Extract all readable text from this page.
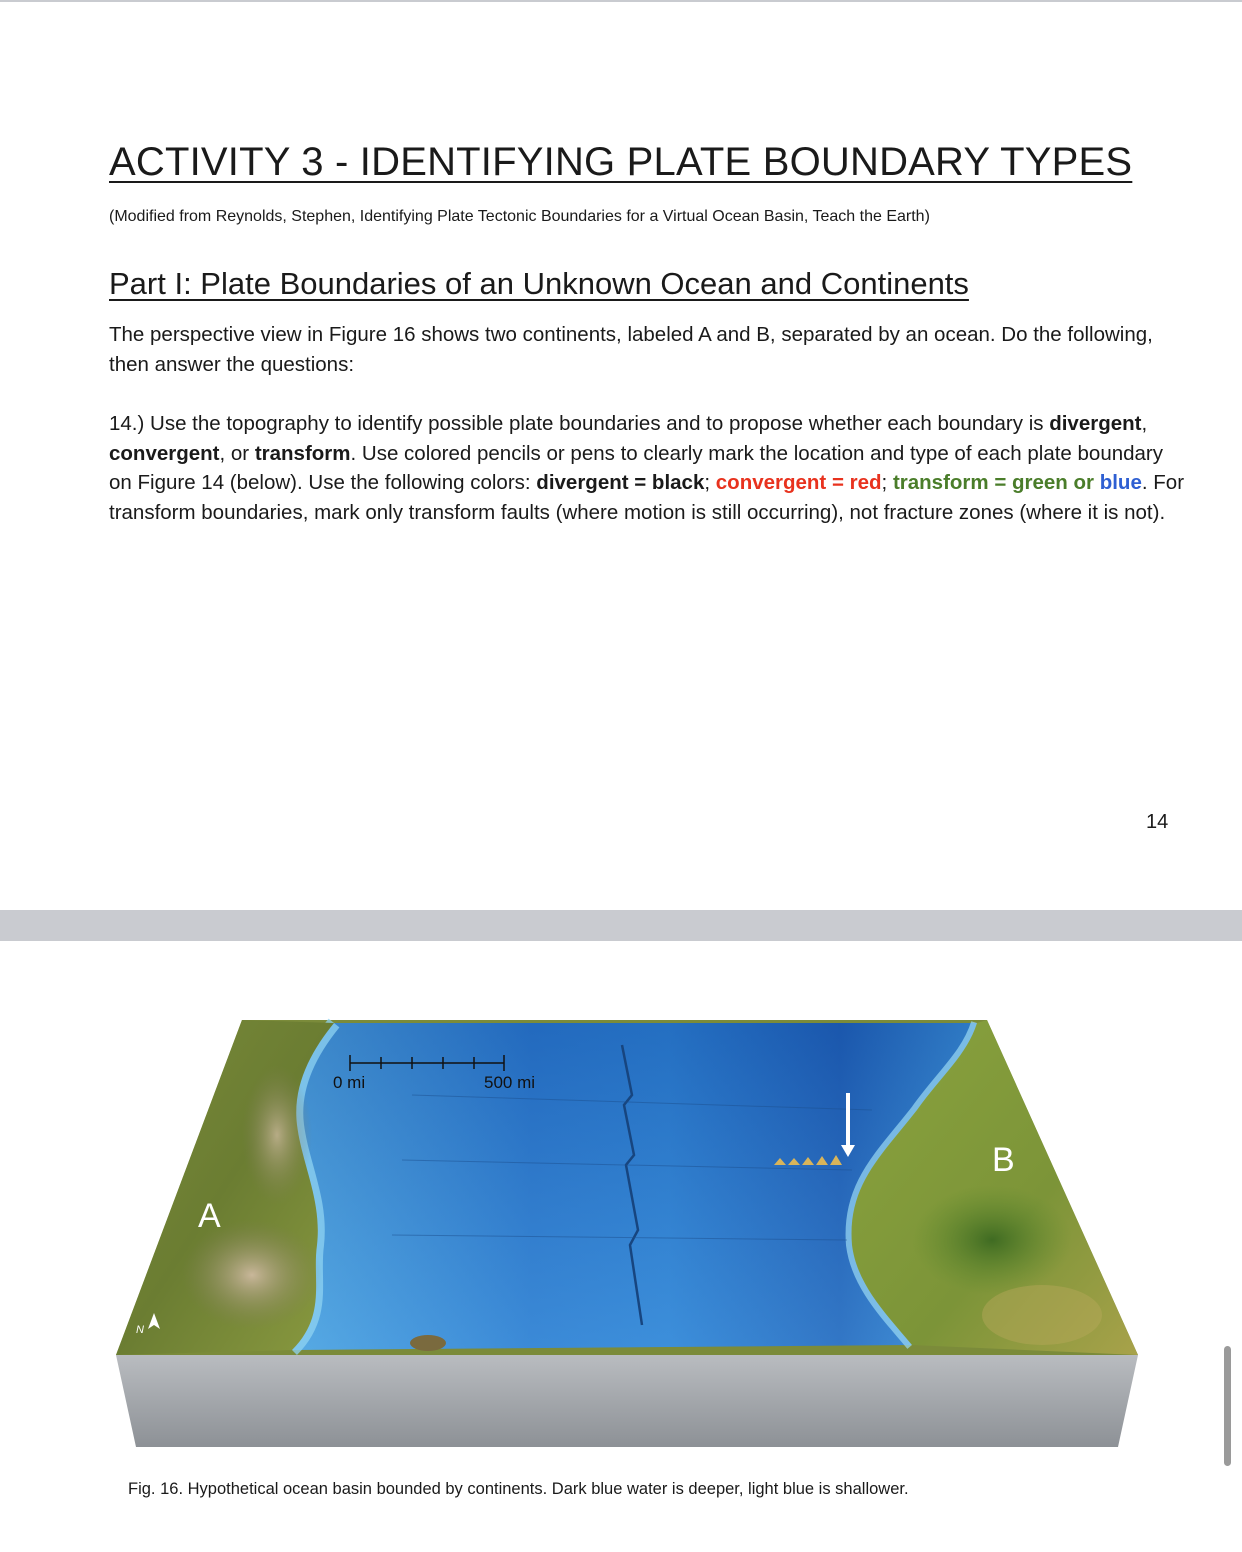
ACTIVITY 3 - IDENTIFYING PLATE BOUNDARY TYPES
(Modified from Reynolds, Stephen, Identifying Plate Tectonic Boundaries for a Virtual Ocean Basin, Teach the Earth)
Part I: Plate Boundaries of an Unknown Ocean and Continents

The perspective view in Figure 16 shows two continents, labeled A and B, separated by an ocean. Do the following, then answer the questions:

14.) Use the topography to identify possible plate boundaries and to propose whether each boundary is divergent, convergent, or transform. Use colored pencils or pens to clearly mark the location and type of each plate boundary on Figure 14 (below). Use the following colors: divergent = black; convergent = red; transform = green or blue. For transform boundaries, mark only transform faults (where motion is still occurring), not fracture zones (where it is not).

14
0 mi	500 mi
A
B
N
Fig. 16. Hypothetical ocean basin bounded by continents. Dark blue water is deeper, light blue is shallower.
